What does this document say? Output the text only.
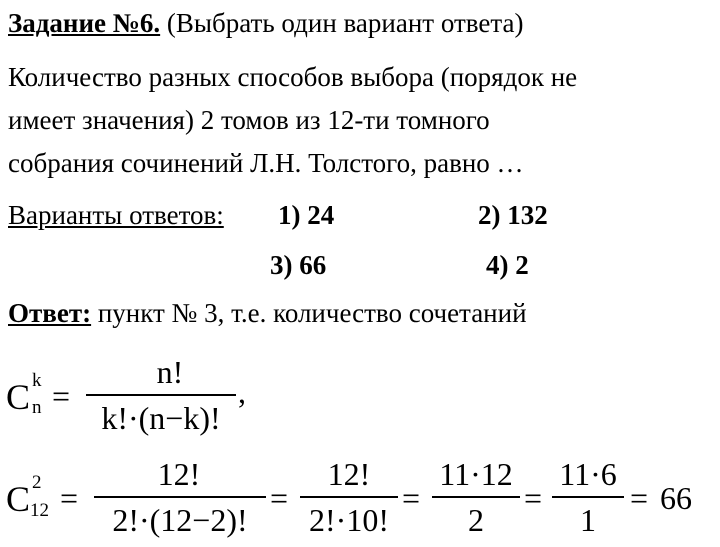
Задание №6. (Выбрать один вариант ответа)
Количество разных способов выбора (порядок не
имеет значения) 2 томов из 12-ти томного
собрания сочинений Л.Н. Толстого, равно …
Варианты ответов: 1) 24	2) 132
3) 66	4) 2
Ответ: пункт № 3, т.е. количество сочетаний
C k
n =
n!
k!·(n−k)!
,
C 2
12 =
12!
2!·(12−2)!
=
12!
2!·10!
=
11·12
2
=
11·6
1
= 66
